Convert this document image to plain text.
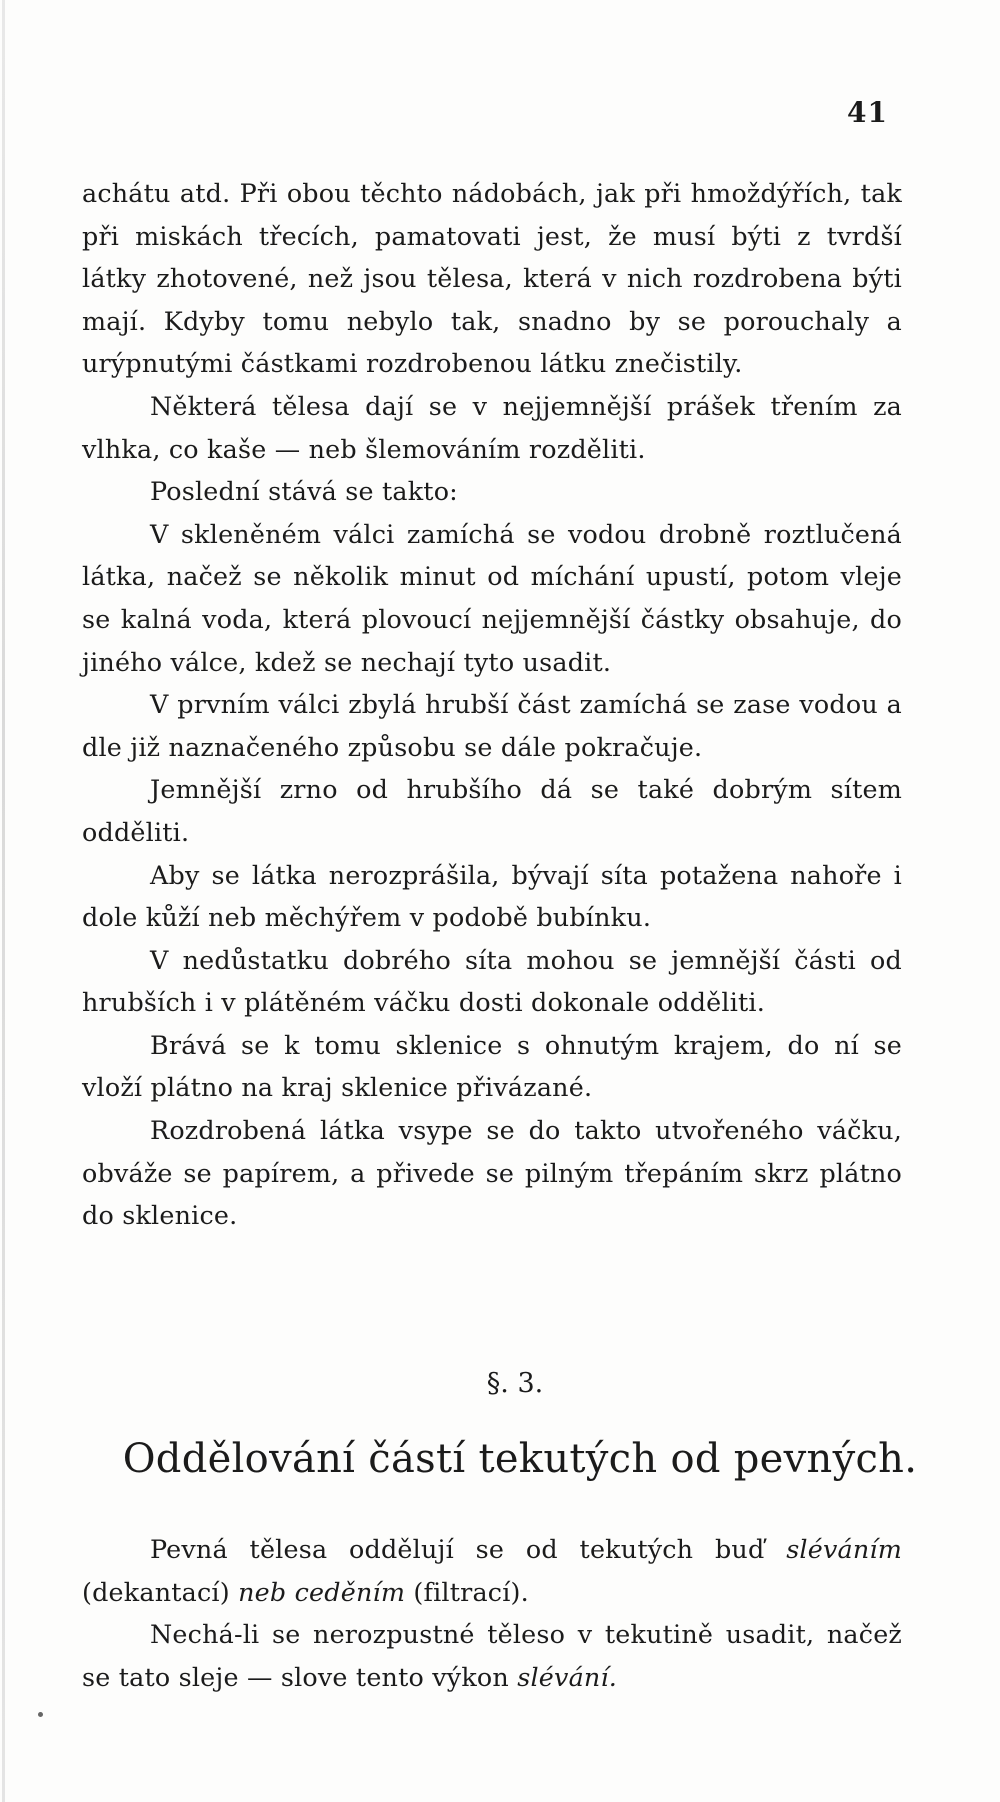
41

achátu atd. Při obou těchto nádobách, jak při hmoždýřích, tak při miskách třecích, pamatovati jest, že musí býti z tvrdší látky zhotovené, než jsou tělesa, která v nich rozdrobena býti mají. Kdyby tomu nebylo tak, snadno by se porouchaly a urýpnutými částkami rozdrobenou látku znečistily.

Některá tělesa dají se v nejjemnější prášek třením za vlhka, co kaše — neb šlemováním rozděliti.

Poslední stává se takto:

V skleněném válci zamíchá se vodou drobně roztlučená látka, načež se několik minut od míchání upustí, potom vleje se kalná voda, která plovoucí nejjemnější částky obsahuje, do jiného válce, kdež se nechají tyto usadit.

V prvním válci zbylá hrubší část zamíchá se zase vodou a dle již naznačeného způsobu se dále pokračuje.

Jemnější zrno od hrubšího dá se také dobrým sítem odděliti.

Aby se látka nerozprášila, bývají síta potažena nahoře i dole kůží neb měchýřem v podobě bubínku.

V nedůstatku dobrého síta mohou se jemnější části od hrubších i v plátěném váčku dosti dokonale odděliti.

Brává se k tomu sklenice s ohnutým krajem, do ní se vloží plátno na kraj sklenice přivázané.

Rozdrobená látka vsype se do takto utvořeného váčku, obváže se papírem, a přivede se pilným třepáním skrz plátno do sklenice.

§. 3.
Oddělování částí tekutých od pevných.

Pevná tělesa oddělují se od tekutých buď sléváním (dekantací) neb ceděním (filtrací).

Nechá-li se nerozpustné těleso v tekutině usadit, načež se tato sleje — slove tento výkon slévání.
